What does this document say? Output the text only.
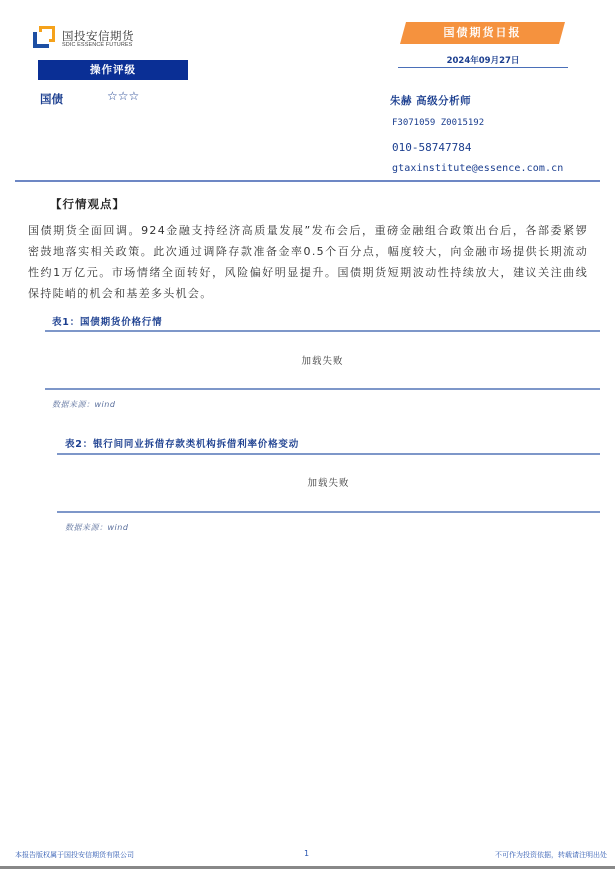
国投安信期货
SDIC ESSENCE FUTURES
操作评级
国债	☆☆☆
国债期货日报
2024年09月27日
朱赫 高级分析师
F3071059 Z0015192
010-58747784
gtaxinstitute@essence.com.cn
【行情观点】
国债期货全面回调。924金融支持经济高质量发展”发布会后，重磅金融组合政策出台后，各部委紧锣密鼓地落实相关政策。此次通过调降存款准备金率0.5个百分点，幅度较大，向金融市场提供长期流动性约1万亿元。市场情绪全面转好，风险偏好明显提升。国债期货短期波动性持续放大，建议关注曲线保持陡峭的机会和基差多头机会。
表1：国债期货价格行情
加载失败
数据来源：wind
表2：银行间同业拆借存款类机构拆借利率价格变动
加载失败
数据来源：wind
本报告版权属于国投安信期货有限公司	1	不可作为投资依据，转载请注明出处
